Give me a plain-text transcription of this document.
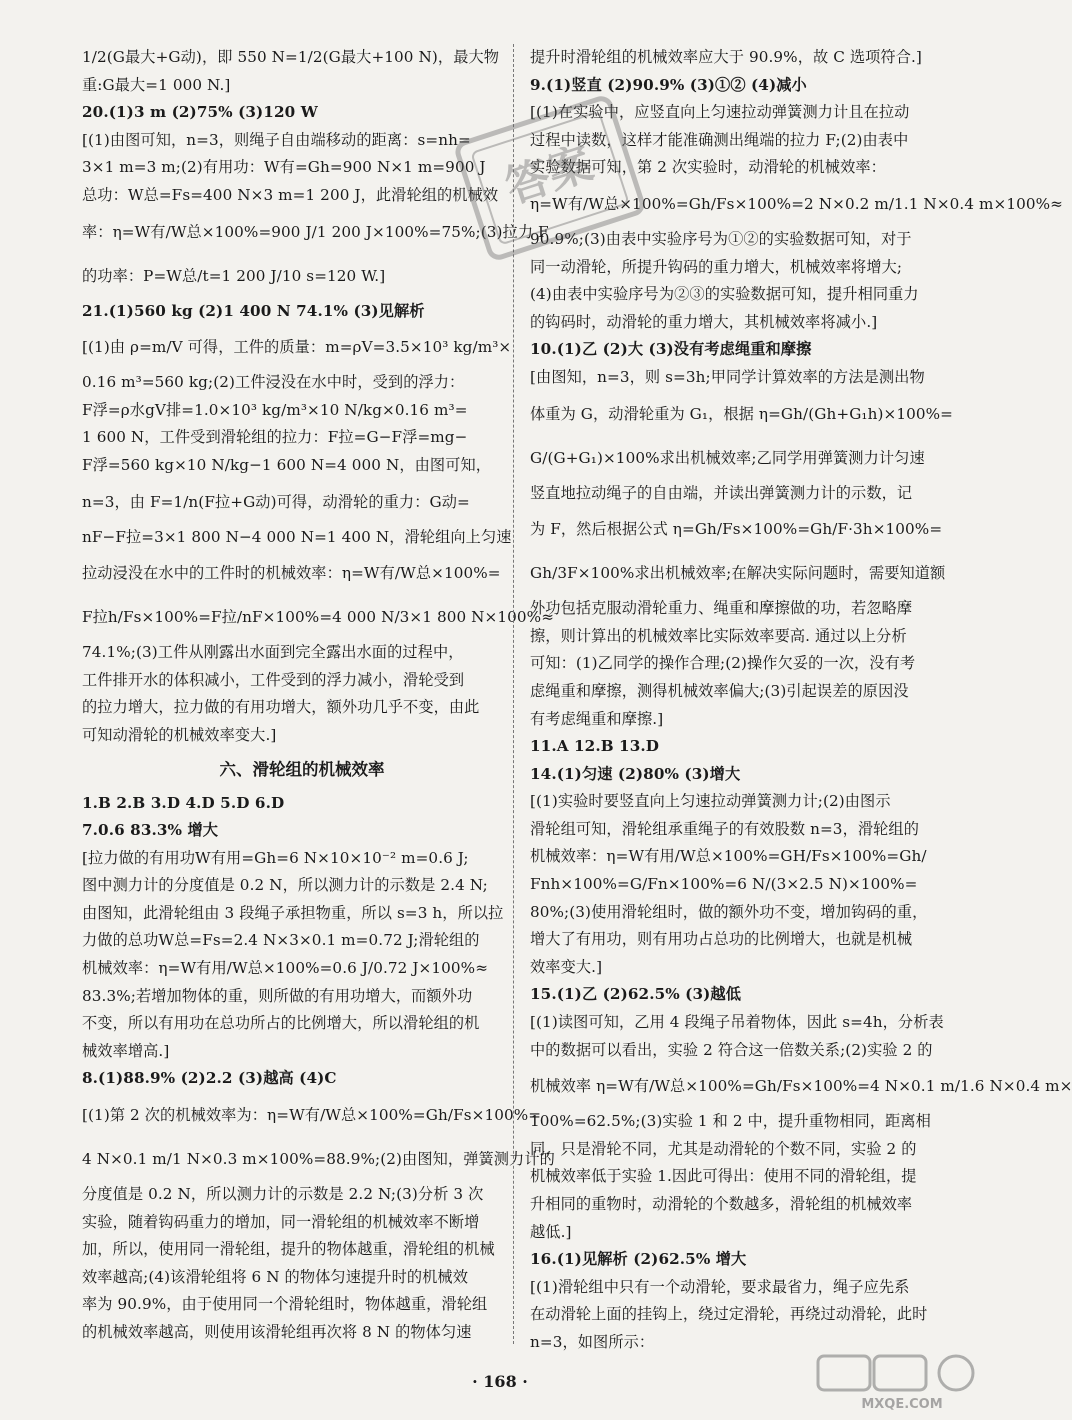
1/2(G最大+G动)，即 550 N=1/2(G最大+100 N)，最大物
重:G最大=1 000 N.]
20.(1)3 m (2)75% (3)120 W
[(1)由图可知，n=3，则绳子自由端移动的距离：s=nh=
3×1 m=3 m;(2)有用功：W有=Gh=900 N×1 m=900 J
总功：W总=Fs=400 N×3 m=1 200 J，此滑轮组的机械效
率：η=W有/W总×100%=900 J/1 200 J×100%=75%;(3)拉力 F
的功率：P=W总/t=1 200 J/10 s=120 W.]
21.(1)560 kg (2)1 400 N 74.1% (3)见解析
[(1)由 ρ=m/V 可得，工件的质量：m=ρV=3.5×10³ kg/m³×
0.16 m³=560 kg;(2)工件浸没在水中时，受到的浮力：
F浮=ρ水gV排=1.0×10³ kg/m³×10 N/kg×0.16 m³=
1 600 N，工件受到滑轮组的拉力：F拉=G−F浮=mg−
F浮=560 kg×10 N/kg−1 600 N=4 000 N，由图可知，
n=3，由 F=1/n(F拉+G动)可得，动滑轮的重力：G动=
nF−F拉=3×1 800 N−4 000 N=1 400 N，滑轮组向上匀速
拉动浸没在水中的工件时的机械效率：η=W有/W总×100%=
F拉h/Fs×100%=F拉/nF×100%=4 000 N/3×1 800 N×100%≈
74.1%;(3)工件从刚露出水面到完全露出水面的过程中，
工件排开水的体积减小，工件受到的浮力减小，滑轮受到
的拉力增大，拉力做的有用功增大，额外功几乎不变，由此
可知动滑轮的机械效率变大.]
六、滑轮组的机械效率
1.B 2.B 3.D 4.D 5.D 6.D
7.0.6 83.3% 增大
[拉力做的有用功W有用=Gh=6 N×10×10⁻² m=0.6 J;
图中测力计的分度值是 0.2 N，所以测力计的示数是 2.4 N;
由图知，此滑轮组由 3 段绳子承担物重，所以 s=3 h，所以拉
力做的总功W总=Fs=2.4 N×3×0.1 m=0.72 J;滑轮组的
机械效率：η=W有用/W总×100%=0.6 J/0.72 J×100%≈
83.3%;若增加物体的重，则所做的有用功增大，而额外功
不变，所以有用功在总功所占的比例增大，所以滑轮组的机
械效率增高.]
8.(1)88.9% (2)2.2 (3)越高 (4)C
[(1)第 2 次的机械效率为：η=W有/W总×100%=Gh/Fs×100%=
4 N×0.1 m/1 N×0.3 m×100%=88.9%;(2)由图知，弹簧测力计的
分度值是 0.2 N，所以测力计的示数是 2.2 N;(3)分析 3 次
实验，随着钩码重力的增加，同一滑轮组的机械效率不断增
加，所以，使用同一滑轮组，提升的物体越重，滑轮组的机械
效率越高;(4)该滑轮组将 6 N 的物体匀速提升时的机械效
率为 90.9%，由于使用同一个滑轮组时，物体越重，滑轮组
的机械效率越高，则使用该滑轮组再次将 8 N 的物体匀速
提升时滑轮组的机械效率应大于 90.9%，故 C 选项符合.]
9.(1)竖直 (2)90.9% (3)①② (4)减小
[(1)在实验中，应竖直向上匀速拉动弹簧测力计且在拉动
过程中读数，这样才能准确测出绳端的拉力 F;(2)由表中
实验数据可知，第 2 次实验时，动滑轮的机械效率：
η=W有/W总×100%=Gh/Fs×100%=2 N×0.2 m/1.1 N×0.4 m×100%≈
90.9%;(3)由表中实验序号为①②的实验数据可知，对于
同一动滑轮，所提升钩码的重力增大，机械效率将增大;
(4)由表中实验序号为②③的实验数据可知，提升相同重力
的钩码时，动滑轮的重力增大，其机械效率将减小.]
10.(1)乙 (2)大 (3)没有考虑绳重和摩擦
[由图知，n=3，则 s=3h;甲同学计算效率的方法是测出物
体重为 G，动滑轮重为 G₁，根据 η=Gh/(Gh+G₁h)×100%=
G/(G+G₁)×100%求出机械效率;乙同学用弹簧测力计匀速
竖直地拉动绳子的自由端，并读出弹簧测力计的示数，记
为 F，然后根据公式 η=Gh/Fs×100%=Gh/F·3h×100%=
Gh/3F×100%求出机械效率;在解决实际问题时，需要知道额
外功包括克服动滑轮重力、绳重和摩擦做的功，若忽略摩
擦，则计算出的机械效率比实际效率要高. 通过以上分析
可知：(1)乙同学的操作合理;(2)操作欠妥的一次，没有考
虑绳重和摩擦，测得机械效率偏大;(3)引起误差的原因没
有考虑绳重和摩擦.]
11.A 12.B 13.D
14.(1)匀速 (2)80% (3)增大
[(1)实验时要竖直向上匀速拉动弹簧测力计;(2)由图示
滑轮组可知，滑轮组承重绳子的有效股数 n=3，滑轮组的
机械效率：η=W有用/W总×100%=GH/Fs×100%=Gh/
Fnh×100%=G/Fn×100%=6 N/(3×2.5 N)×100%=
80%;(3)使用滑轮组时，做的额外功不变，增加钩码的重，
增大了有用功，则有用功占总功的比例增大，也就是机械
效率变大.]
15.(1)乙 (2)62.5% (3)越低
[(1)读图可知，乙用 4 段绳子吊着物体，因此 s=4h，分析表
中的数据可以看出，实验 2 符合这一倍数关系;(2)实验 2 的
机械效率 η=W有/W总×100%=Gh/Fs×100%=4 N×0.1 m/1.6 N×0.4 m×
100%=62.5%;(3)实验 1 和 2 中，提升重物相同，距离相
同，只是滑轮不同，尤其是动滑轮的个数不同，实验 2 的
机械效率低于实验 1.因此可得出：使用不同的滑轮组，提
升相同的重物时，动滑轮的个数越多，滑轮组的机械效率
越低.]
16.(1)见解析 (2)62.5% 增大
[(1)滑轮组中只有一个动滑轮，要求最省力，绳子应先系
在动滑轮上面的挂钩上，绕过定滑轮，再绕过动滑轮，此时
n=3，如图所示：
答案
· 168 ·
MXQE.COM
